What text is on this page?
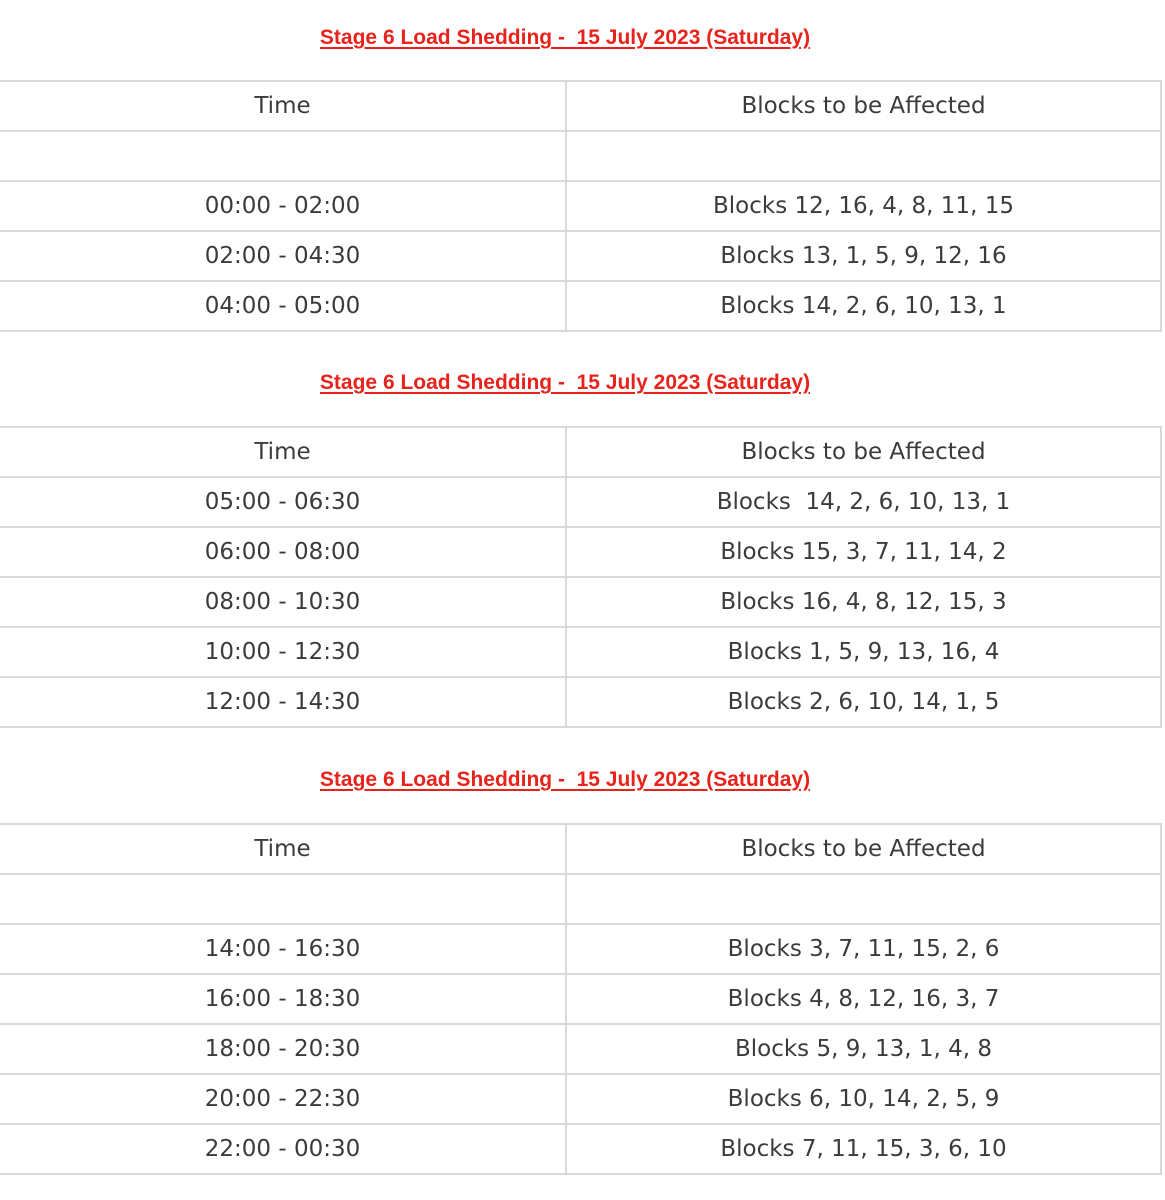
Stage 6 Load Shedding -  15 July 2023 (Saturday)
Time	Blocks to be Affected

00:00 - 02:00	Blocks 12, 16, 4, 8, 11, 15
02:00 - 04:30	Blocks 13, 1, 5, 9, 12, 16
04:00 - 05:00	Blocks 14, 2, 6, 10, 13, 1
Stage 6 Load Shedding -  15 July 2023 (Saturday)
Time	Blocks to be Affected
05:00 - 06:30	Blocks  14, 2, 6, 10, 13, 1
06:00 - 08:00	Blocks 15, 3, 7, 11, 14, 2
08:00 - 10:30	Blocks 16, 4, 8, 12, 15, 3
10:00 - 12:30	Blocks 1, 5, 9, 13, 16, 4
12:00 - 14:30	Blocks 2, 6, 10, 14, 1, 5
Stage 6 Load Shedding -  15 July 2023 (Saturday)
Time	Blocks to be Affected

14:00 - 16:30	Blocks 3, 7, 11, 15, 2, 6
16:00 - 18:30	Blocks 4, 8, 12, 16, 3, 7
18:00 - 20:30	Blocks 5, 9, 13, 1, 4, 8
20:00 - 22:30	Blocks 6, 10, 14, 2, 5, 9
22:00 - 00:30	Blocks 7, 11, 15, 3, 6, 10
